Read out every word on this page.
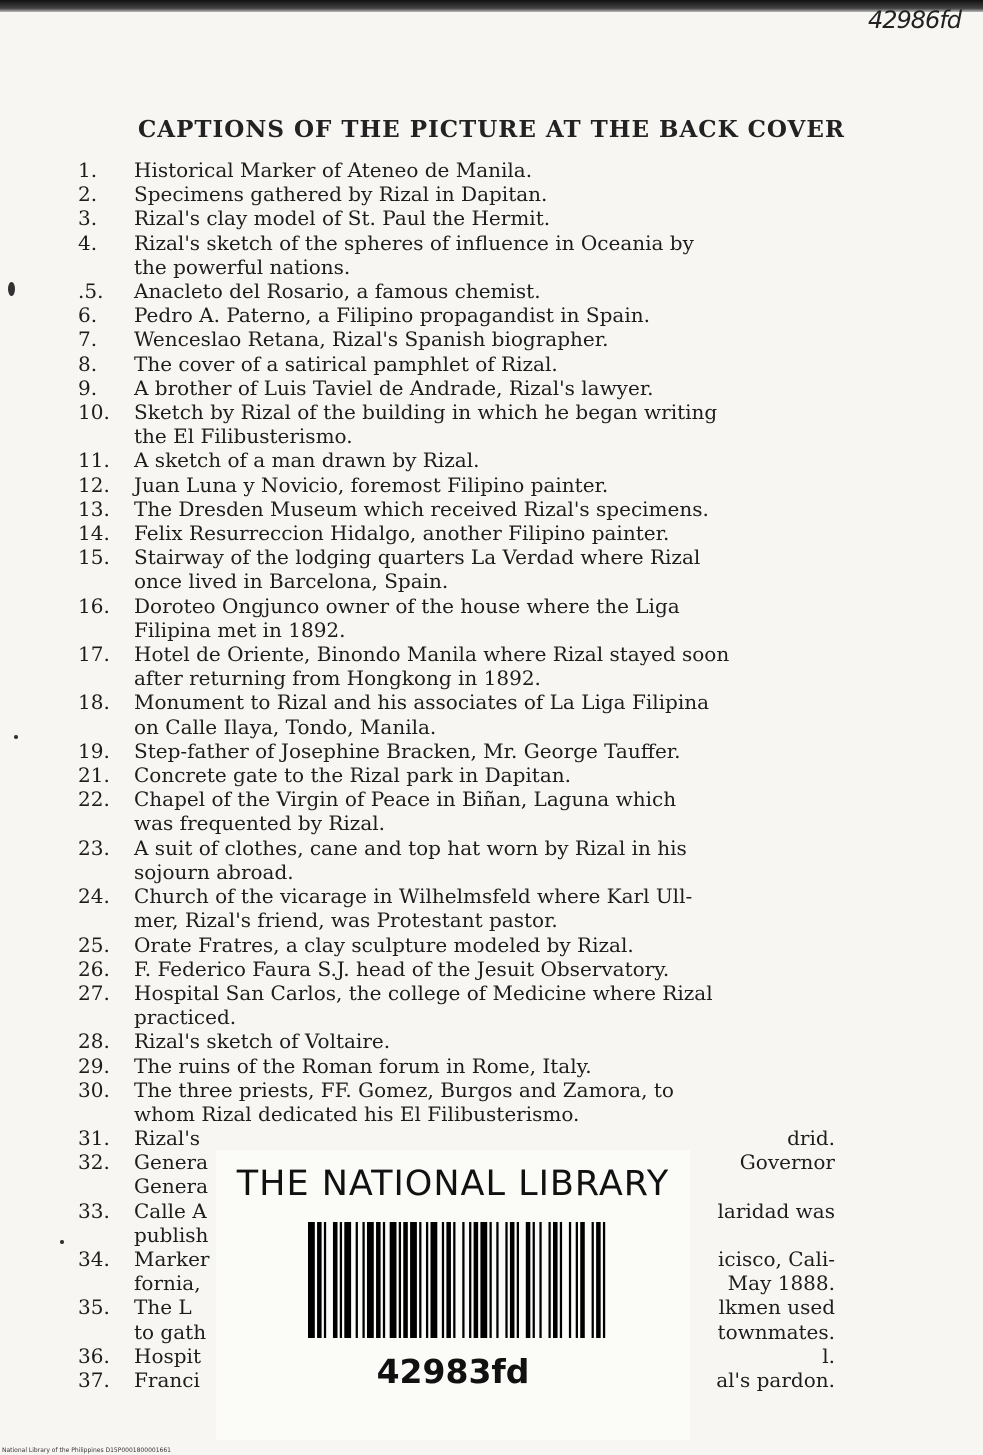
42986fd
CAPTIONS OF THE PICTURE AT THE BACK COVER
1.	Historical Marker of Ateneo de Manila.
2.	Specimens gathered by Rizal in Dapitan.
3.	Rizal's clay model of St. Paul the Hermit.
4.	Rizal's sketch of the spheres of influence in Oceania by
the powerful nations.
.5.	Anacleto del Rosario, a famous chemist.
6.	Pedro A. Paterno, a Filipino propagandist in Spain.
7.	Wenceslao Retana, Rizal's Spanish biographer.
8.	The cover of a satirical pamphlet of Rizal.
9.	A brother of Luis Taviel de Andrade, Rizal's lawyer.
10.	Sketch by Rizal of the building in which he began writing
the El Filibusterismo.
11.	A sketch of a man drawn by Rizal.
12.	Juan Luna y Novicio, foremost Filipino painter.
13.	The Dresden Museum which received Rizal's specimens.
14.	Felix Resurreccion Hidalgo, another Filipino painter.
15.	Stairway of the lodging quarters La Verdad where Rizal
once lived in Barcelona, Spain.
16.	Doroteo Ongjunco owner of the house where the Liga
Filipina met in 1892.
17.	Hotel de Oriente, Binondo Manila where Rizal stayed soon
after returning from Hongkong in 1892.
18.	Monument to Rizal and his associates of La Liga Filipina
on Calle Ilaya, Tondo, Manila.
19.	Step-father of Josephine Bracken, Mr. George Tauffer.
21.	Concrete gate to the Rizal park in Dapitan.
22.	Chapel of the Virgin of Peace in Biñan, Laguna which
was frequented by Rizal.
23.	A suit of clothes, cane and top hat worn by Rizal in his
sojourn abroad.
24.	Church of the vicarage in Wilhelmsfeld where Karl Ull-
mer, Rizal's friend, was Protestant pastor.
25.	Orate Fratres, a clay sculpture modeled by Rizal.
26.	F. Federico Faura S.J. head of the Jesuit Observatory.
27.	Hospital San Carlos, the college of Medicine where Rizal
practiced.
28.	Rizal's sketch of Voltaire.
29.	The ruins of the Roman forum in Rome, Italy.
30.	The three priests, FF. Gomez, Burgos and Zamora, to
whom Rizal dedicated his El Filibusterismo.
31.	Rizal's
32.	Genera
Genera
33.	Calle A
publish
34.	Marker
fornia,
35.	The L
to gath
36.	Hospit
37.	Franci
drid.
Governor

laridad was

icisco, Cali-
May 1888.
lkmen used
townmates.
l.
al's pardon.
THE NATIONAL LIBRARY
42983fd
National Library of the Philippines D15P0001800001661
